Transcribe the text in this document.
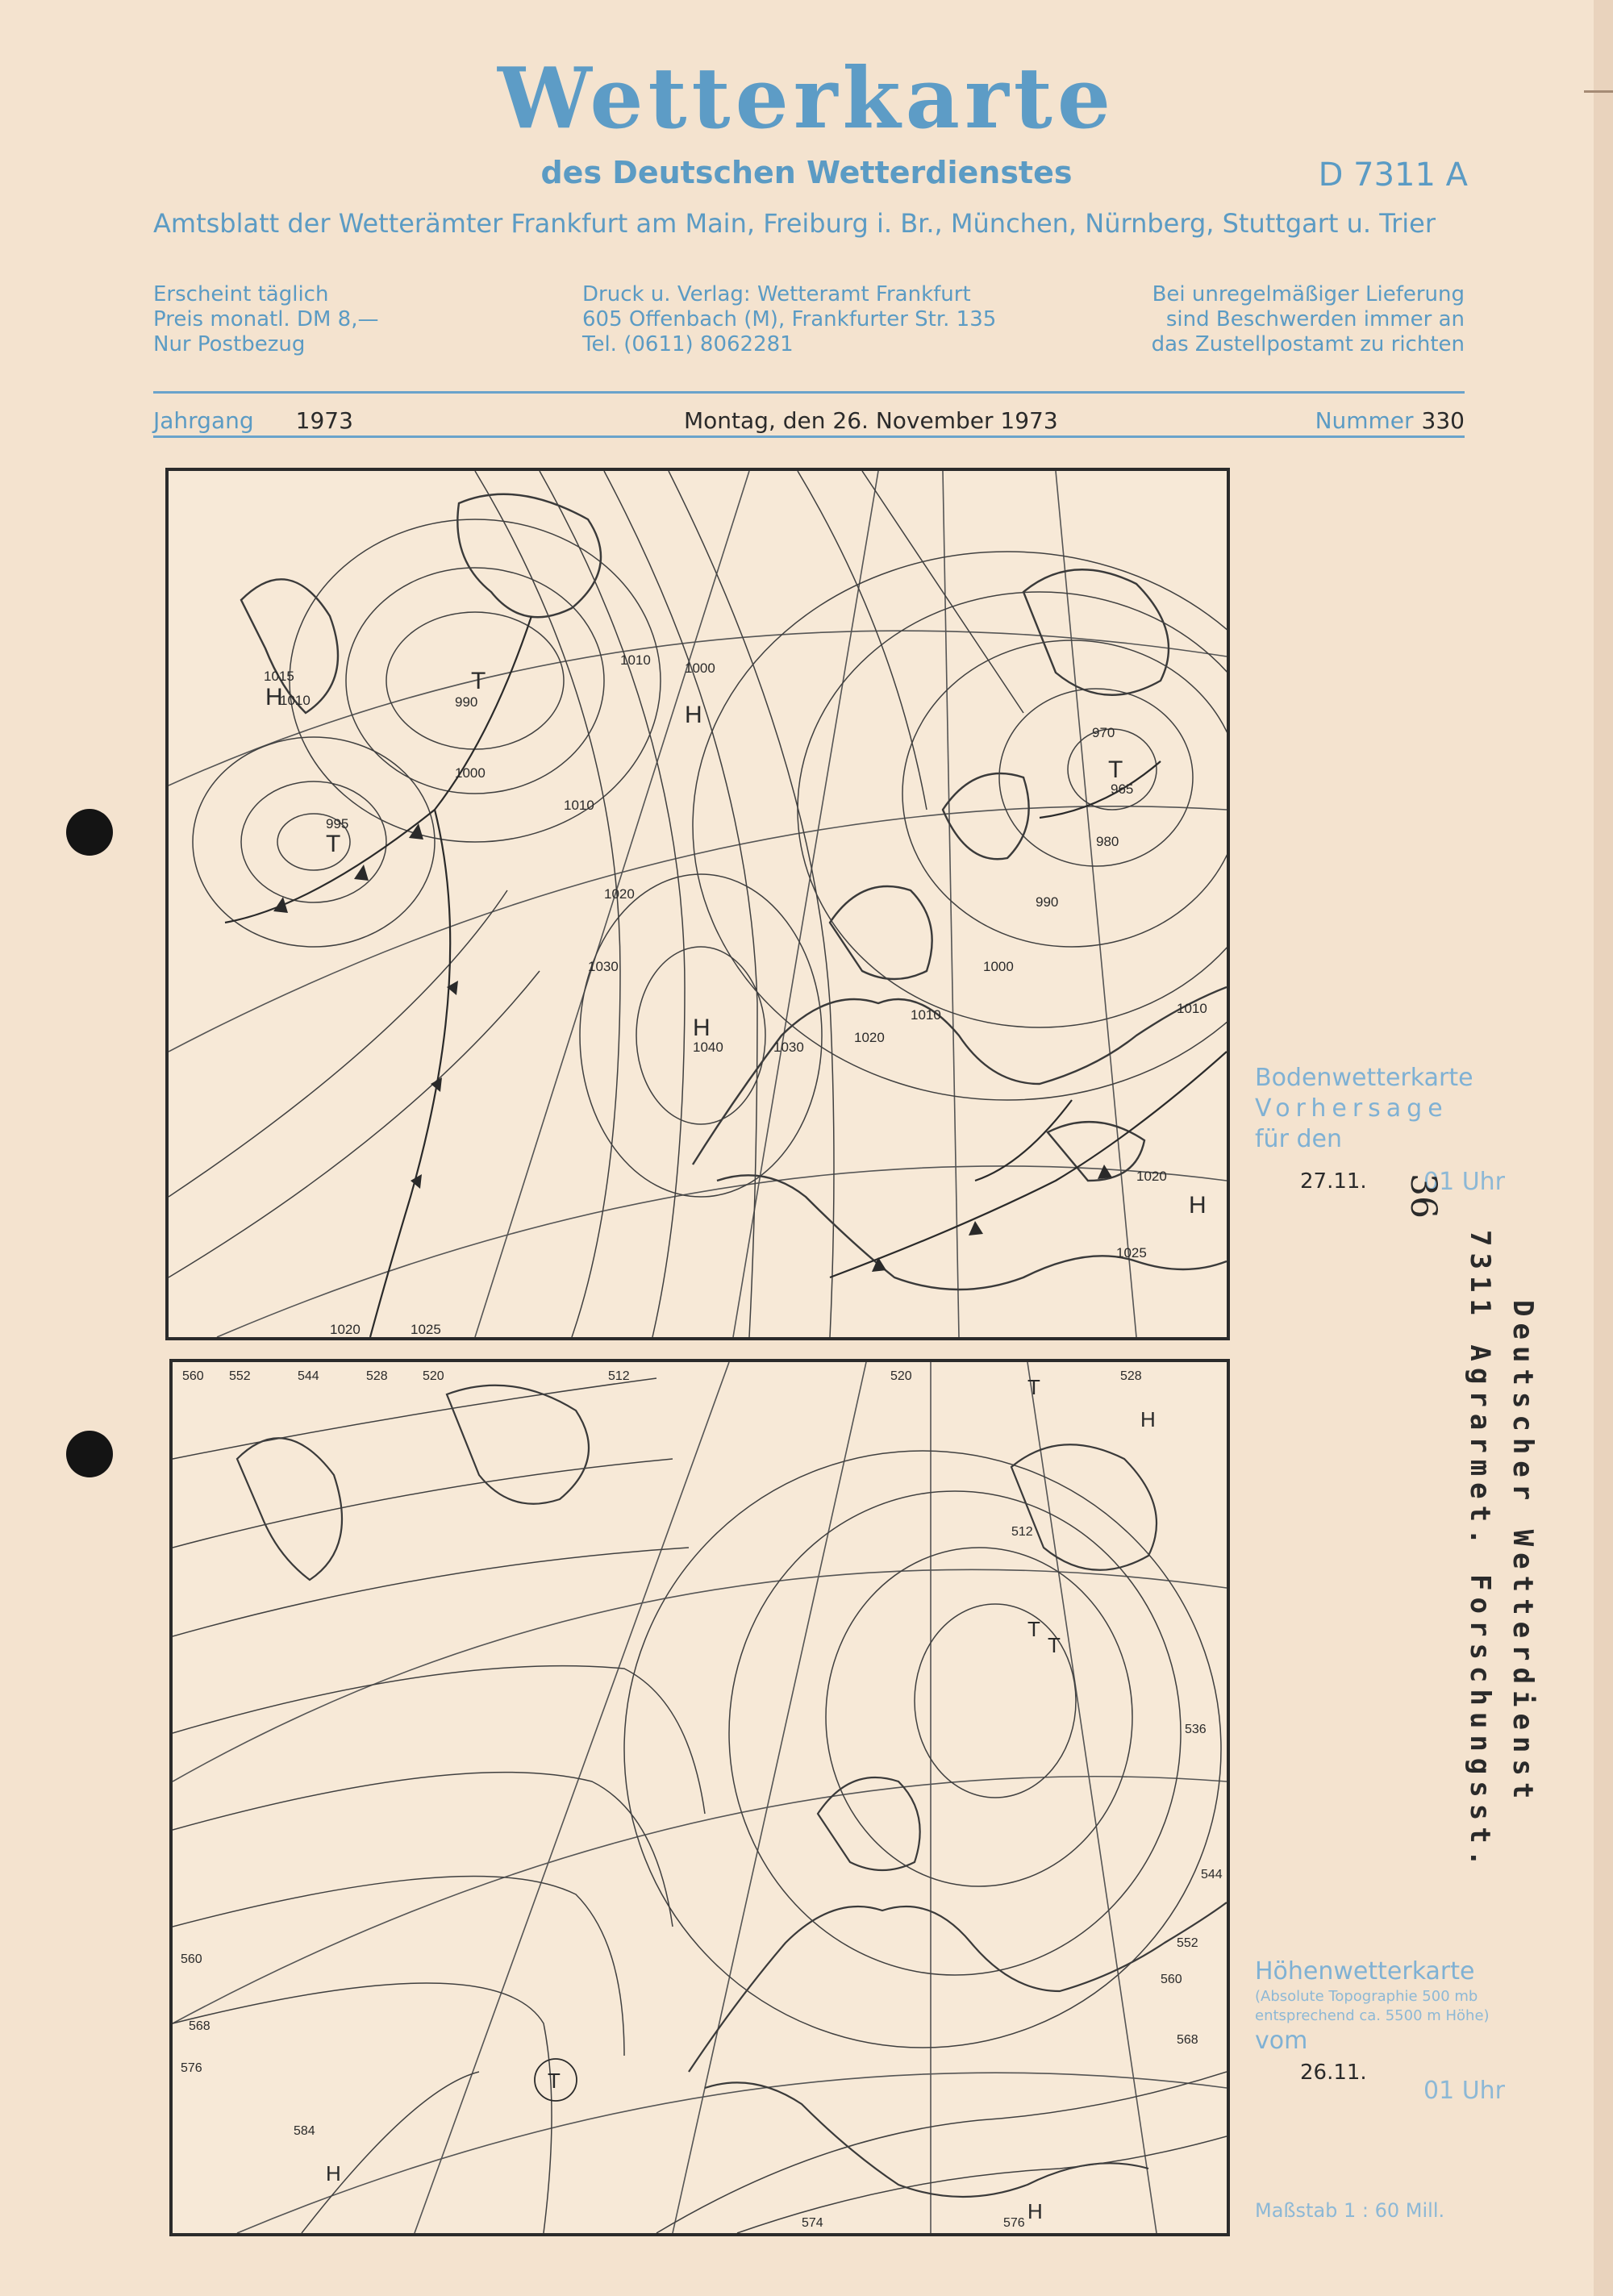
Wetterkarte
des Deutschen Wetterdienstes	D 7311 A
Amtsblatt der Wetterämter Frankfurt am Main, Freiburg i. Br., München, Nürnberg, Stuttgart u. Trier
Erscheint täglich
Preis monatl. DM 8,—
Nur Postbezug
Druck u. Verlag: Wetteramt Frankfurt
605 Offenbach (M), Frankfurter Str. 135
Tel. (0611) 8062281
Bei unregelmäßiger Lieferung
sind Beschwerden immer an
das Zustellpostamt zu richten
Jahrgang 1973	Montag, den 26. November 1973	Nummer 330
1015
1010
1000
995
990
1010
1010
1000
1020
1030
1040	1030
1020
1010
1000
990
980
970
965
1010
1020
1025
1020	1025
H
T
T
H
H
T
H
560 552	544	528	520	512	520	528
560
568
576
584
536
544
552
560
568
576
574
512
T
H
T
T
H
H
T
Bodenwetterkarte
Vorhersage
für den
27.11. 01 Uhr
Höhenwetterkarte
(Absolute Topographie 500 mb
entsprechend ca. 5500 m Höhe)
vom
26.11.
01 Uhr
Maßstab 1 : 60 Mill.
36
Deutscher Wetterdienst
7311 Agrarmet. Forschungsst.
